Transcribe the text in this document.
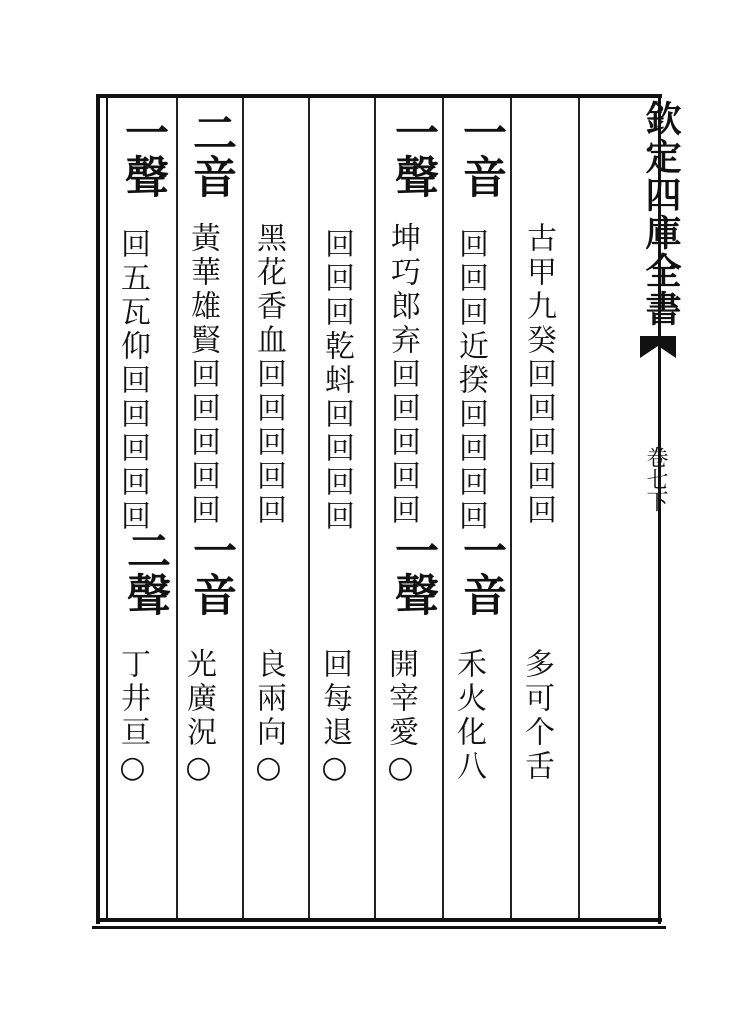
欽定四庫全書
卷七下
一聲 二音	一聲 一音
回五瓦仰回回回回回 黃華雄賢回回回回回 黑花香血回回回回回 回回回乾蚪回回回回 坤巧郎弃回回回回回 回回回近揆回回回回 古甲九癸回回回回回
二聲 一音	一聲 一音
丁井亘○ 光廣況○ 良兩向○ 回每退○ 開宰愛○ 禾火化八 多可个舌
